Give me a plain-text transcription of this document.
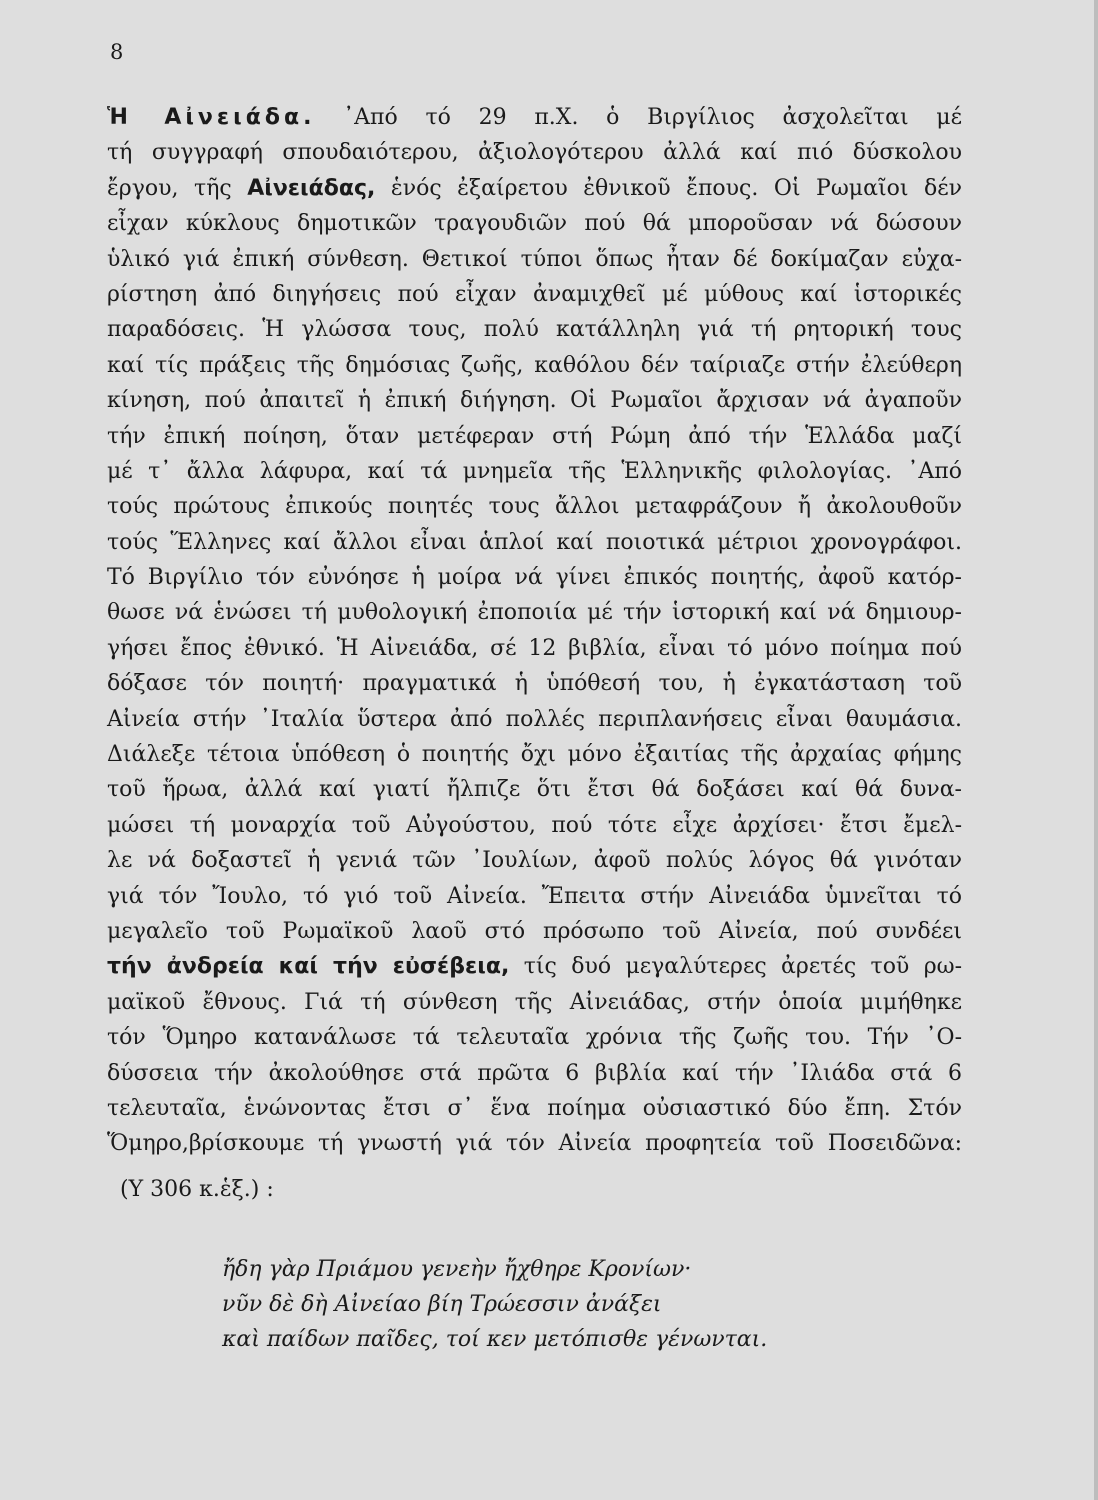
8
Ἡ Αἰνειάδα. ᾽Από τό 29 π.Χ. ὁ Βιργίλιος ἀσχολεῖται μέ
τή συγγραφή σπουδαιότερου, ἀξιολογότερου ἀλλά καί πιό δύσκολου
ἔργου, τῆς Αἰνειάδας, ἑνός ἐξαίρετου ἐθνικοῦ ἔπους. Οἱ Ρωμαῖοι δέν
εἶχαν κύκλους δημοτικῶν τραγουδιῶν πού θά μποροῦσαν νά δώσουν
ὑλικό γιά ἐπική σύνθεση. Θετικοί τύποι ὅπως ἦταν δέ δοκίμαζαν εὐχα-
ρίστηση ἀπό διηγήσεις πού εἶχαν ἀναμιχθεῖ μέ μύθους καί ἱστορικές
παραδόσεις. Ἡ γλώσσα τους, πολύ κατάλληλη γιά τή ρητορική τους
καί τίς πράξεις τῆς δημόσιας ζωῆς, καθόλου δέν ταίριαζε στήν ἐλεύθερη
κίνηση, πού ἀπαιτεῖ ἡ ἐπική διήγηση. Οἱ Ρωμαῖοι ἄρχισαν νά ἀγαποῦν
τήν ἐπική ποίηση, ὅταν μετέφεραν στή Ρώμη ἀπό τήν Ἑλλάδα μαζί
μέ τ᾽ ἄλλα λάφυρα, καί τά μνημεῖα τῆς Ἑλληνικῆς φιλολογίας. ᾽Από
τούς πρώτους ἐπικούς ποιητές τους ἄλλοι μεταφράζουν ἤ ἀκολουθοῦν
τούς Ἕλληνες καί ἄλλοι εἶναι ἁπλοί καί ποιοτικά μέτριοι χρονογράφοι.
Τό Βιργίλιο τόν εὐνόησε ἡ μοίρα νά γίνει ἐπικός ποιητής, ἀφοῦ κατόρ-
θωσε νά ἑνώσει τή μυθολογική ἐποποιία μέ τήν ἱστορική καί νά δημιουρ-
γήσει ἔπος ἐθνικό. Ἡ Αἰνειάδα, σέ 12 βιβλία, εἶναι τό μόνο ποίημα πού
δόξασε τόν ποιητή· πραγματικά ἡ ὑπόθεσή του, ἡ ἐγκατάσταση τοῦ
Αἰνεία στήν ᾽Ιταλία ὕστερα ἀπό πολλές περιπλανήσεις εἶναι θαυμάσια.
Διάλεξε τέτοια ὑπόθεση ὁ ποιητής ὄχι μόνο ἐξαιτίας τῆς ἀρχαίας φήμης
τοῦ ἥρωα, ἀλλά καί γιατί ἤλπιζε ὅτι ἔτσι θά δοξάσει καί θά δυνα-
μώσει τή μοναρχία τοῦ Αὐγούστου, πού τότε εἶχε ἀρχίσει· ἔτσι ἔμελ-
λε νά δοξαστεῖ ἡ γενιά τῶν ᾽Ιουλίων, ἀφοῦ πολύς λόγος θά γινόταν
γιά τόν Ἴουλο, τό γιό τοῦ Αἰνεία. Ἔπειτα στήν Αἰνειάδα ὑμνεῖται τό
μεγαλεῖο τοῦ Ρωμαϊκοῦ λαοῦ στό πρόσωπο τοῦ Αἰνεία, πού συνδέει
τήν ἀνδρεία καί τήν εὐσέβεια, τίς δυό μεγαλύτερες ἀρετές τοῦ ρω-
μαϊκοῦ ἔθνους. Γιά τή σύνθεση τῆς Αἰνειάδας, στήν ὁποία μιμήθηκε
τόν Ὅμηρο κατανάλωσε τά τελευταῖα χρόνια τῆς ζωῆς του. Τήν ᾽Ο-
δύσσεια τήν ἀκολούθησε στά πρῶτα 6 βιβλία καί τήν ᾽Ιλιάδα στά 6
τελευταῖα, ἑνώνοντας ἔτσι σ᾽ ἕνα ποίημα οὐσιαστικό δύο ἔπη. Στόν
Ὅμηρο,βρίσκουμε τή γνωστή γιά τόν Αἰνεία προφητεία τοῦ Ποσειδῶνα:
(Υ 306 κ.ἑξ.) :
ἤδη γὰρ Πριάμου γενεὴν ἤχθηρε Κρονίων·
νῦν δὲ δὴ Αἰνείαο βίη Τρώεσσιν ἀνάξει
καὶ παίδων παῖδες, τοί κεν μετόπισθε γένωνται.
